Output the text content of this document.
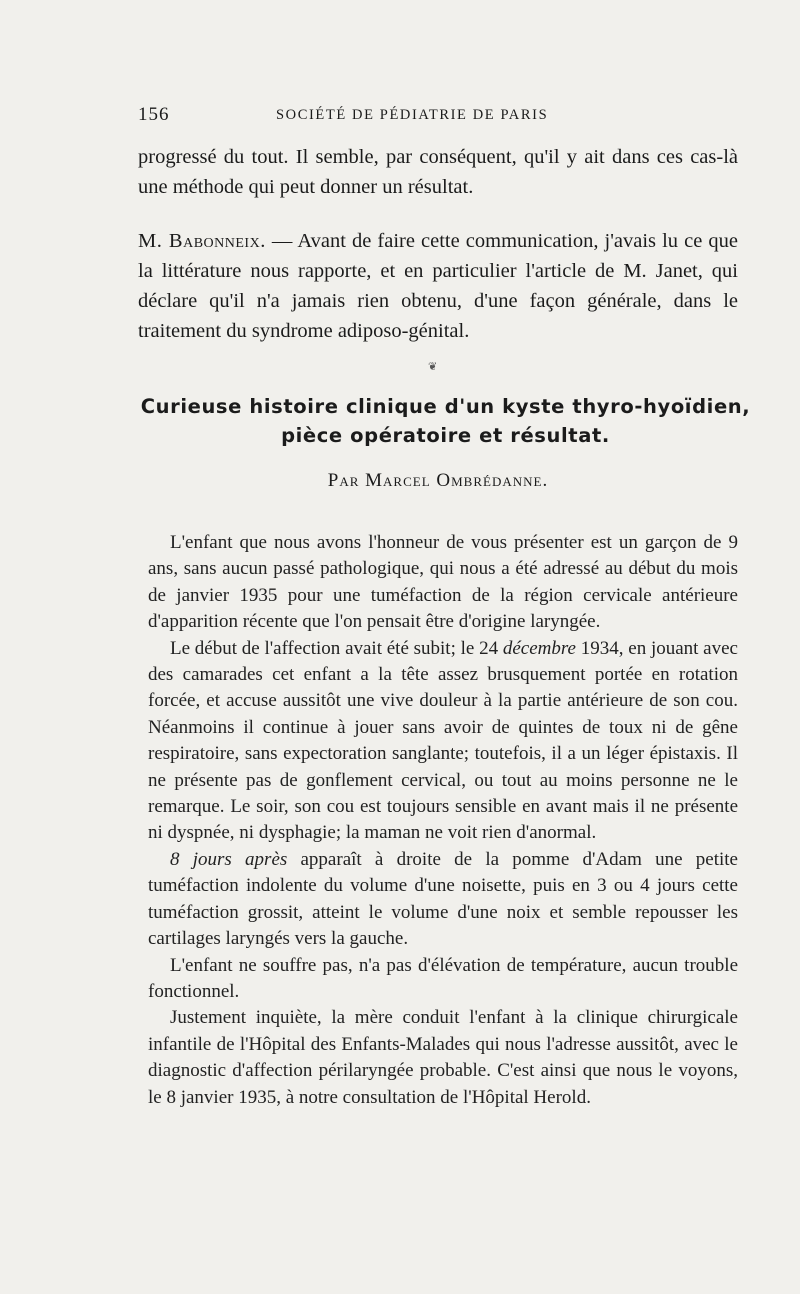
156	SOCIÉTÉ DE PÉDIATRIE DE PARIS
progressé du tout. Il semble, par conséquent, qu'il y ait dans ces cas-là une méthode qui peut donner un résultat.
M. Babonneix. — Avant de faire cette communication, j'avais lu ce que la littérature nous rapporte, et en particulier l'article de M. Janet, qui déclare qu'il n'a jamais rien obtenu, d'une façon générale, dans le traitement du syndrome adiposo-génital.
❦
Curieuse histoire clinique d'un kyste thyro-hyoïdien,
pièce opératoire et résultat.
Par Marcel Ombrédanne.

L'enfant que nous avons l'honneur de vous présenter est un garçon de 9 ans, sans aucun passé pathologique, qui nous a été adressé au début du mois de janvier 1935 pour une tuméfaction de la région cervicale antérieure d'apparition récente que l'on pensait être d'origine laryngée.

Le début de l'affection avait été subit; le 24 décembre 1934, en jouant avec des camarades cet enfant a la tête assez brusquement portée en rotation forcée, et accuse aussitôt une vive douleur à la partie antérieure de son cou. Néanmoins il continue à jouer sans avoir de quintes de toux ni de gêne respiratoire, sans expectoration sanglante; toutefois, il a un léger épistaxis. Il ne présente pas de gonflement cervical, ou tout au moins personne ne le remarque. Le soir, son cou est toujours sensible en avant mais il ne présente ni dyspnée, ni dysphagie; la maman ne voit rien d'anormal.

8 jours après apparaît à droite de la pomme d'Adam une petite tuméfaction indolente du volume d'une noisette, puis en 3 ou 4 jours cette tuméfaction grossit, atteint le volume d'une noix et semble repousser les cartilages laryngés vers la gauche.

L'enfant ne souffre pas, n'a pas d'élévation de température, aucun trouble fonctionnel.

Justement inquiète, la mère conduit l'enfant à la clinique chirurgicale infantile de l'Hôpital des Enfants-Malades qui nous l'adresse aussitôt, avec le diagnostic d'affection périlaryngée probable. C'est ainsi que nous le voyons, le 8 janvier 1935, à notre consultation de l'Hôpital Herold.
